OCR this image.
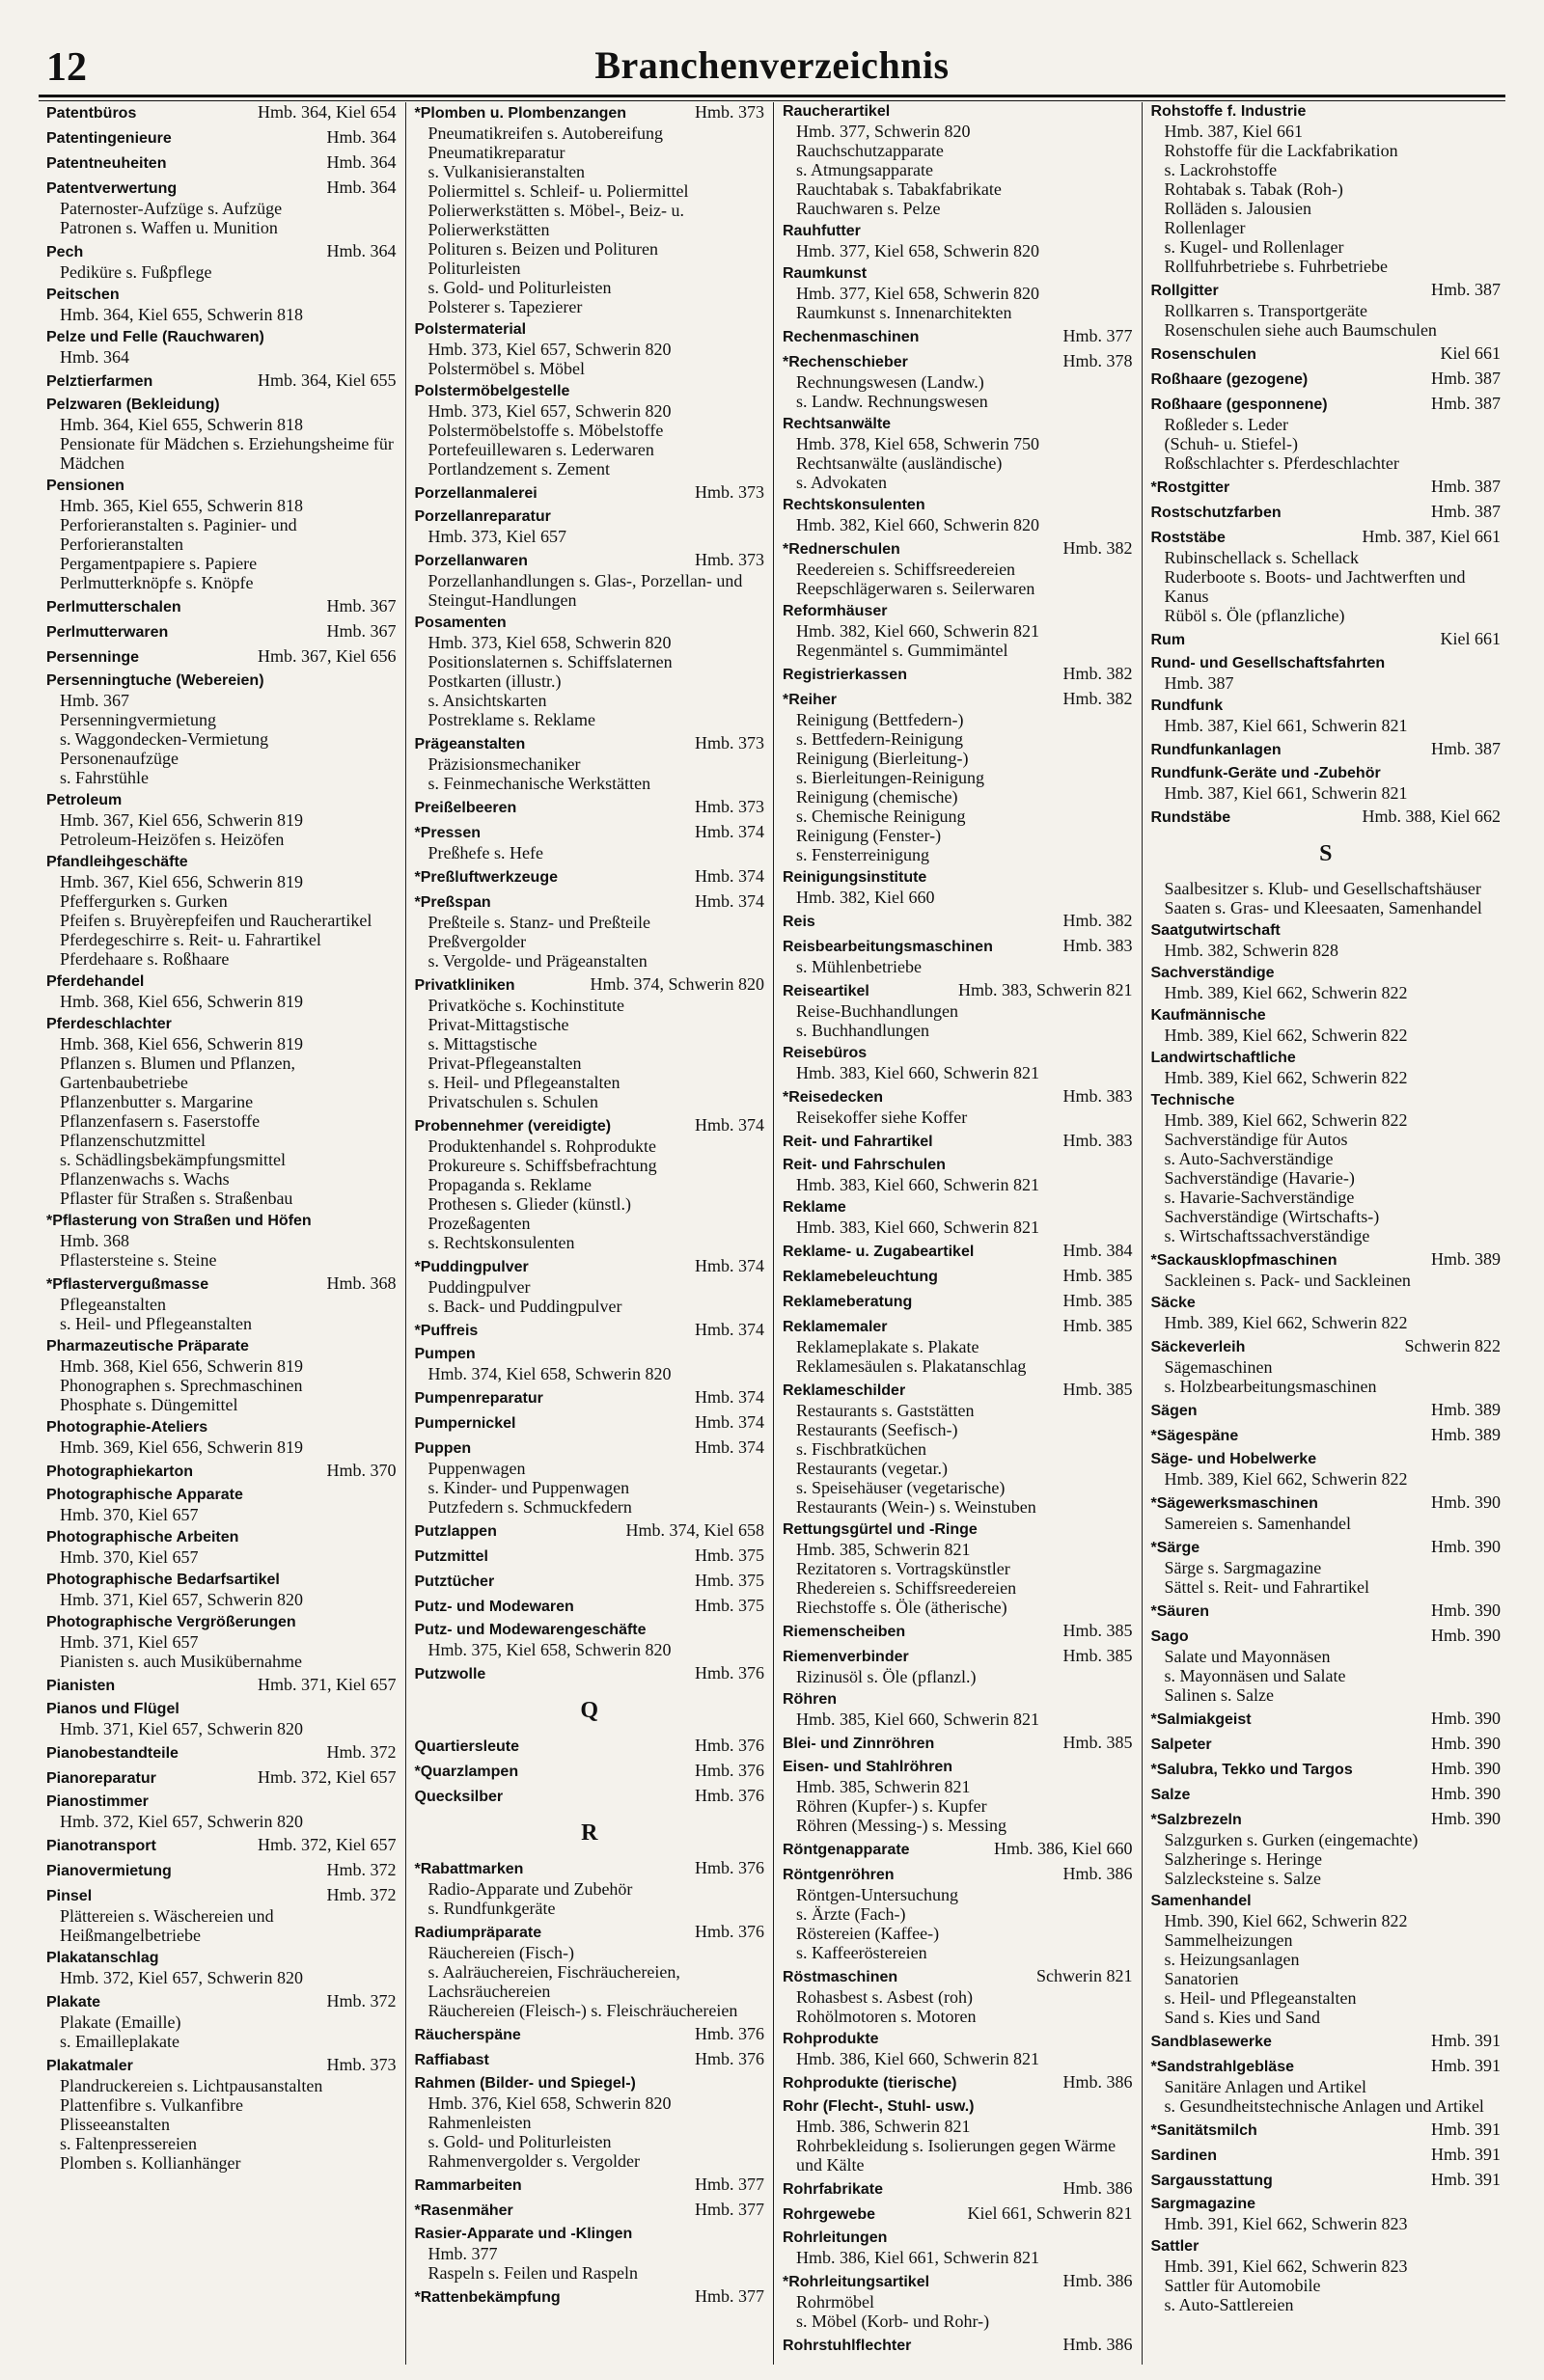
12	Branchenverzeichnis
Patentbüros	Hmb. 364, Kiel 654
Patentingenieure	Hmb. 364
Patentneuheiten	Hmb. 364
Patentverwertung	Hmb. 364
Paternoster-Aufzüge s. Aufzüge
Patronen s. Waffen u. Munition
Pech	Hmb. 364
Pediküre s. Fußpflege
Peitschen
Hmb. 364, Kiel 655, Schwerin 818
Pelze und Felle (Rauchwaren)
Hmb. 364
Pelztierfarmen	Hmb. 364, Kiel 655
Pelzwaren (Bekleidung)
Hmb. 364, Kiel 655, Schwerin 818
Pensionate für Mädchen s. Erziehungsheime für Mädchen
Pensionen
Hmb. 365, Kiel 655, Schwerin 818
Perforieranstalten s. Paginier- und Perforieranstalten
Pergamentpapiere s. Papiere
Perlmutterknöpfe s. Knöpfe
Perlmutterschalen	Hmb. 367
Perlmutterwaren	Hmb. 367
Persenninge	Hmb. 367, Kiel 656
Persenningtuche (Webereien)
Hmb. 367
Persenningvermietung
s. Waggondecken-Vermietung
Personenaufzüge
s. Fahrstühle
Petroleum
Hmb. 367, Kiel 656, Schwerin 819
Petroleum-Heizöfen s. Heizöfen
Pfandleihgeschäfte
Hmb. 367, Kiel 656, Schwerin 819
Pfeffergurken s. Gurken
Pfeifen s. Bruyèrepfeifen und Raucherartikel
Pferdegeschirre s. Reit- u. Fahrartikel
Pferdehaare s. Roßhaare
Pferdehandel
Hmb. 368, Kiel 656, Schwerin 819
Pferdeschlachter
Hmb. 368, Kiel 656, Schwerin 819
Pflanzen s. Blumen und Pflanzen, Gartenbaubetriebe
Pflanzenbutter s. Margarine
Pflanzenfasern s. Faserstoffe
Pflanzenschutzmittel
s. Schädlingsbekämpfungsmittel
Pflanzenwachs s. Wachs
Pflaster für Straßen s. Straßenbau
*Pflasterung von Straßen und Höfen
Hmb. 368
Pflastersteine s. Steine
*Pflastervergußmasse	Hmb. 368
Pflegeanstalten
s. Heil- und Pflegeanstalten
Pharmazeutische Präparate
Hmb. 368, Kiel 656, Schwerin 819
Phonographen s. Sprechmaschinen
Phosphate s. Düngemittel
Photographie-Ateliers
Hmb. 369, Kiel 656, Schwerin 819
Photographiekarton	Hmb. 370
Photographische Apparate
Hmb. 370, Kiel 657
Photographische Arbeiten
Hmb. 370, Kiel 657
Photographische Bedarfsartikel
Hmb. 371, Kiel 657, Schwerin 820
Photographische Vergrößerungen
Hmb. 371, Kiel 657
Pianisten s. auch Musikübernahme
Pianisten	Hmb. 371, Kiel 657
Pianos und Flügel
Hmb. 371, Kiel 657, Schwerin 820
Pianobestandteile	Hmb. 372
Pianoreparatur	Hmb. 372, Kiel 657
Pianostimmer
Hmb. 372, Kiel 657, Schwerin 820
Pianotransport	Hmb. 372, Kiel 657
Pianovermietung	Hmb. 372
Pinsel	Hmb. 372
Plättereien s. Wäschereien und Heißmangelbetriebe
Plakatanschlag
Hmb. 372, Kiel 657, Schwerin 820
Plakate	Hmb. 372
Plakate (Emaille)
s. Emailleplakate
Plakatmaler	Hmb. 373
Plandruckereien s. Lichtpausanstalten
Plattenfibre s. Vulkanfibre
Plisseeanstalten
s. Faltenpressereien
Plomben s. Kollianhänger
*Plomben u. Plombenzangen	Hmb. 373
Pneumatikreifen s. Autobereifung
Pneumatikreparatur
s. Vulkanisieranstalten
Poliermittel s. Schleif- u. Poliermittel
Polierwerkstätten s. Möbel-, Beiz- u. Polierwerkstätten
Polituren s. Beizen und Polituren
Politurleisten
s. Gold- und Politurleisten
Polsterer s. Tapezierer
Polstermaterial
Hmb. 373, Kiel 657, Schwerin 820
Polstermöbel s. Möbel
Polstermöbelgestelle
Hmb. 373, Kiel 657, Schwerin 820
Polstermöbelstoffe s. Möbelstoffe
Portefeuillewaren s. Lederwaren
Portlandzement s. Zement
Porzellanmalerei	Hmb. 373
Porzellanreparatur
Hmb. 373, Kiel 657
Porzellanwaren	Hmb. 373
Porzellanhandlungen s. Glas-, Porzellan- und Steingut-Handlungen
Posamenten
Hmb. 373, Kiel 658, Schwerin 820
Positionslaternen s. Schiffslaternen
Postkarten (illustr.)
s. Ansichtskarten
Postreklame s. Reklame
Prägeanstalten	Hmb. 373
Präzisionsmechaniker
s. Feinmechanische Werkstätten
Preißelbeeren	Hmb. 373
*Pressen	Hmb. 374
Preßhefe s. Hefe
*Preßluftwerkzeuge	Hmb. 374
*Preßspan	Hmb. 374
Preßteile s. Stanz- und Preßteile
Preßvergolder
s. Vergolde- und Prägeanstalten
Privatkliniken	Hmb. 374, Schwerin 820
Privatköche s. Kochinstitute
Privat-Mittagstische
s. Mittagstische
Privat-Pflegeanstalten
s. Heil- und Pflegeanstalten
Privatschulen s. Schulen
Probennehmer (vereidigte)	Hmb. 374
Produktenhandel s. Rohprodukte
Prokureure s. Schiffsbefrachtung
Propaganda s. Reklame
Prothesen s. Glieder (künstl.)
Prozeßagenten
s. Rechtskonsulenten
*Puddingpulver	Hmb. 374
Puddingpulver
s. Back- und Puddingpulver
*Puffreis	Hmb. 374
Pumpen
Hmb. 374, Kiel 658, Schwerin 820
Pumpenreparatur	Hmb. 374
Pumpernickel	Hmb. 374
Puppen	Hmb. 374
Puppenwagen
s. Kinder- und Puppenwagen
Putzfedern s. Schmuckfedern
Putzlappen	Hmb. 374, Kiel 658
Putzmittel	Hmb. 375
Putztücher	Hmb. 375
Putz- und Modewaren	Hmb. 375
Putz- und Modewarengeschäfte
Hmb. 375, Kiel 658, Schwerin 820
Putzwolle	Hmb. 376
Q
Quartiersleute	Hmb. 376
*Quarzlampen	Hmb. 376
Quecksilber	Hmb. 376
R
*Rabattmarken	Hmb. 376
Radio-Apparate und Zubehör
s. Rundfunkgeräte
Radiumpräparate	Hmb. 376
Räuchereien (Fisch-)
s. Aalräuchereien, Fischräuchereien, Lachsräuchereien
Räuchereien (Fleisch-) s. Fleischräuchereien
Räucherspäne	Hmb. 376
Raffiabast	Hmb. 376
Rahmen (Bilder- und Spiegel-)
Hmb. 376, Kiel 658, Schwerin 820
Rahmenleisten
s. Gold- und Politurleisten
Rahmenvergolder s. Vergolder
Rammarbeiten	Hmb. 377
*Rasenmäher	Hmb. 377
Rasier-Apparate und -Klingen
Hmb. 377
Raspeln s. Feilen und Raspeln
*Rattenbekämpfung	Hmb. 377
Raucherartikel
Hmb. 377, Schwerin 820
Rauchschutzapparate
s. Atmungsapparate
Rauchtabak s. Tabakfabrikate
Rauchwaren s. Pelze
Rauhfutter
Hmb. 377, Kiel 658, Schwerin 820
Raumkunst
Hmb. 377, Kiel 658, Schwerin 820
Raumkunst s. Innenarchitekten
Rechenmaschinen	Hmb. 377
*Rechenschieber	Hmb. 378
Rechnungswesen (Landw.)
s. Landw. Rechnungswesen
Rechtsanwälte
Hmb. 378, Kiel 658, Schwerin 750
Rechtsanwälte (ausländische)
s. Advokaten
Rechtskonsulenten
Hmb. 382, Kiel 660, Schwerin 820
*Rednerschulen	Hmb. 382
Reedereien s. Schiffsreedereien
Reepschlägerwaren s. Seilerwaren
Reformhäuser
Hmb. 382, Kiel 660, Schwerin 821
Regenmäntel s. Gummimäntel
Registrierkassen	Hmb. 382
*Reiher	Hmb. 382
Reinigung (Bettfedern-)
s. Bettfedern-Reinigung
Reinigung (Bierleitung-)
s. Bierleitungen-Reinigung
Reinigung (chemische)
s. Chemische Reinigung
Reinigung (Fenster-)
s. Fensterreinigung
Reinigungsinstitute
Hmb. 382, Kiel 660
Reis	Hmb. 382
Reisbearbeitungsmaschinen	Hmb. 383
s. Mühlenbetriebe
Reiseartikel	Hmb. 383, Schwerin 821
Reise-Buchhandlungen
s. Buchhandlungen
Reisebüros
Hmb. 383, Kiel 660, Schwerin 821
*Reisedecken	Hmb. 383
Reisekoffer siehe Koffer
Reit- und Fahrartikel	Hmb. 383
Reit- und Fahrschulen
Hmb. 383, Kiel 660, Schwerin 821
Reklame
Hmb. 383, Kiel 660, Schwerin 821
Reklame- u. Zugabeartikel	Hmb. 384
Reklamebeleuchtung	Hmb. 385
Reklameberatung	Hmb. 385
Reklamemaler	Hmb. 385
Reklameplakate s. Plakate
Reklamesäulen s. Plakatanschlag
Reklameschilder	Hmb. 385
Restaurants s. Gaststätten
Restaurants (Seefisch-)
s. Fischbratküchen
Restaurants (vegetar.)
s. Speisehäuser (vegetarische)
Restaurants (Wein-) s. Weinstuben
Rettungsgürtel und -Ringe
Hmb. 385, Schwerin 821
Rezitatoren s. Vortragskünstler
Rhedereien s. Schiffsreedereien
Riechstoffe s. Öle (ätherische)
Riemenscheiben	Hmb. 385
Riemenverbinder	Hmb. 385
Rizinusöl s. Öle (pflanzl.)
Röhren
Hmb. 385, Kiel 660, Schwerin 821
Blei- und Zinnröhren	Hmb. 385
Eisen- und Stahlröhren
Hmb. 385, Schwerin 821
Röhren (Kupfer-) s. Kupfer
Röhren (Messing-) s. Messing
Röntgenapparate	Hmb. 386, Kiel 660
Röntgenröhren	Hmb. 386
Röntgen-Untersuchung
s. Ärzte (Fach-)
Röstereien (Kaffee-)
s. Kaffeeröstereien
Röstmaschinen	Schwerin 821
Rohasbest s. Asbest (roh)
Rohölmotoren s. Motoren
Rohprodukte
Hmb. 386, Kiel 660, Schwerin 821
Rohprodukte (tierische)	Hmb. 386
Rohr (Flecht-, Stuhl- usw.)
Hmb. 386, Schwerin 821
Rohrbekleidung s. Isolierungen gegen Wärme und Kälte
Rohrfabrikate	Hmb. 386
Rohrgewebe	Kiel 661, Schwerin 821
Rohrleitungen
Hmb. 386, Kiel 661, Schwerin 821
*Rohrleitungsartikel	Hmb. 386
Rohrmöbel
s. Möbel (Korb- und Rohr-)
Rohrstuhlflechter	Hmb. 386
Rohstoffe f. Industrie
Hmb. 387, Kiel 661
Rohstoffe für die Lackfabrikation
s. Lackrohstoffe
Rohtabak s. Tabak (Roh-)
Rolläden s. Jalousien
Rollenlager
s. Kugel- und Rollenlager
Rollfuhrbetriebe s. Fuhrbetriebe
Rollgitter	Hmb. 387
Rollkarren s. Transportgeräte
Rosenschulen siehe auch Baumschulen
Rosenschulen	Kiel 661
Roßhaare (gezogene)	Hmb. 387
Roßhaare (gesponnene)	Hmb. 387
Roßleder s. Leder
(Schuh- u. Stiefel-)
Roßschlachter s. Pferdeschlachter
*Rostgitter	Hmb. 387
Rostschutzfarben	Hmb. 387
Roststäbe	Hmb. 387, Kiel 661
Rubinschellack s. Schellack
Ruderboote s. Boots- und Jachtwerften und Kanus
Rüböl s. Öle (pflanzliche)
Rum	Kiel 661
Rund- und Gesellschaftsfahrten
Hmb. 387
Rundfunk
Hmb. 387, Kiel 661, Schwerin 821
Rundfunkanlagen	Hmb. 387
Rundfunk-Geräte und -Zubehör
Hmb. 387, Kiel 661, Schwerin 821
Rundstäbe	Hmb. 388, Kiel 662
S
Saalbesitzer s. Klub- und Gesellschaftshäuser
Saaten s. Gras- und Kleesaaten, Samenhandel
Saatgutwirtschaft
Hmb. 382, Schwerin 828
Sachverständige
Hmb. 389, Kiel 662, Schwerin 822
Kaufmännische
Hmb. 389, Kiel 662, Schwerin 822
Landwirtschaftliche
Hmb. 389, Kiel 662, Schwerin 822
Technische
Hmb. 389, Kiel 662, Schwerin 822
Sachverständige für Autos
s. Auto-Sachverständige
Sachverständige (Havarie-)
s. Havarie-Sachverständige
Sachverständige (Wirtschafts-)
s. Wirtschaftssachverständige
*Sackausklopfmaschinen	Hmb. 389
Sackleinen s. Pack- und Sackleinen
Säcke
Hmb. 389, Kiel 662, Schwerin 822
Säckeverleih	Schwerin 822
Sägemaschinen
s. Holzbearbeitungsmaschinen
Sägen	Hmb. 389
*Sägespäne	Hmb. 389
Säge- und Hobelwerke
Hmb. 389, Kiel 662, Schwerin 822
*Sägewerksmaschinen	Hmb. 390
Samereien s. Samenhandel
*Särge	Hmb. 390
Särge s. Sargmagazine
Sättel s. Reit- und Fahrartikel
*Säuren	Hmb. 390
Sago	Hmb. 390
Salate und Mayonnäsen
s. Mayonnäsen und Salate
Salinen s. Salze
*Salmiakgeist	Hmb. 390
Salpeter	Hmb. 390
*Salubra, Tekko und Targos	Hmb. 390
Salze	Hmb. 390
*Salzbrezeln	Hmb. 390
Salzgurken s. Gurken (eingemachte)
Salzheringe s. Heringe
Salzlecksteine s. Salze
Samenhandel
Hmb. 390, Kiel 662, Schwerin 822
Sammelheizungen
s. Heizungsanlagen
Sanatorien
s. Heil- und Pflegeanstalten
Sand s. Kies und Sand
Sandblasewerke	Hmb. 391
*Sandstrahlgebläse	Hmb. 391
Sanitäre Anlagen und Artikel
s. Gesundheitstechnische Anlagen und Artikel
*Sanitätsmilch	Hmb. 391
Sardinen	Hmb. 391
Sargausstattung	Hmb. 391
Sargmagazine
Hmb. 391, Kiel 662, Schwerin 823
Sattler
Hmb. 391, Kiel 662, Schwerin 823
Sattler für Automobile
s. Auto-Sattlereien
